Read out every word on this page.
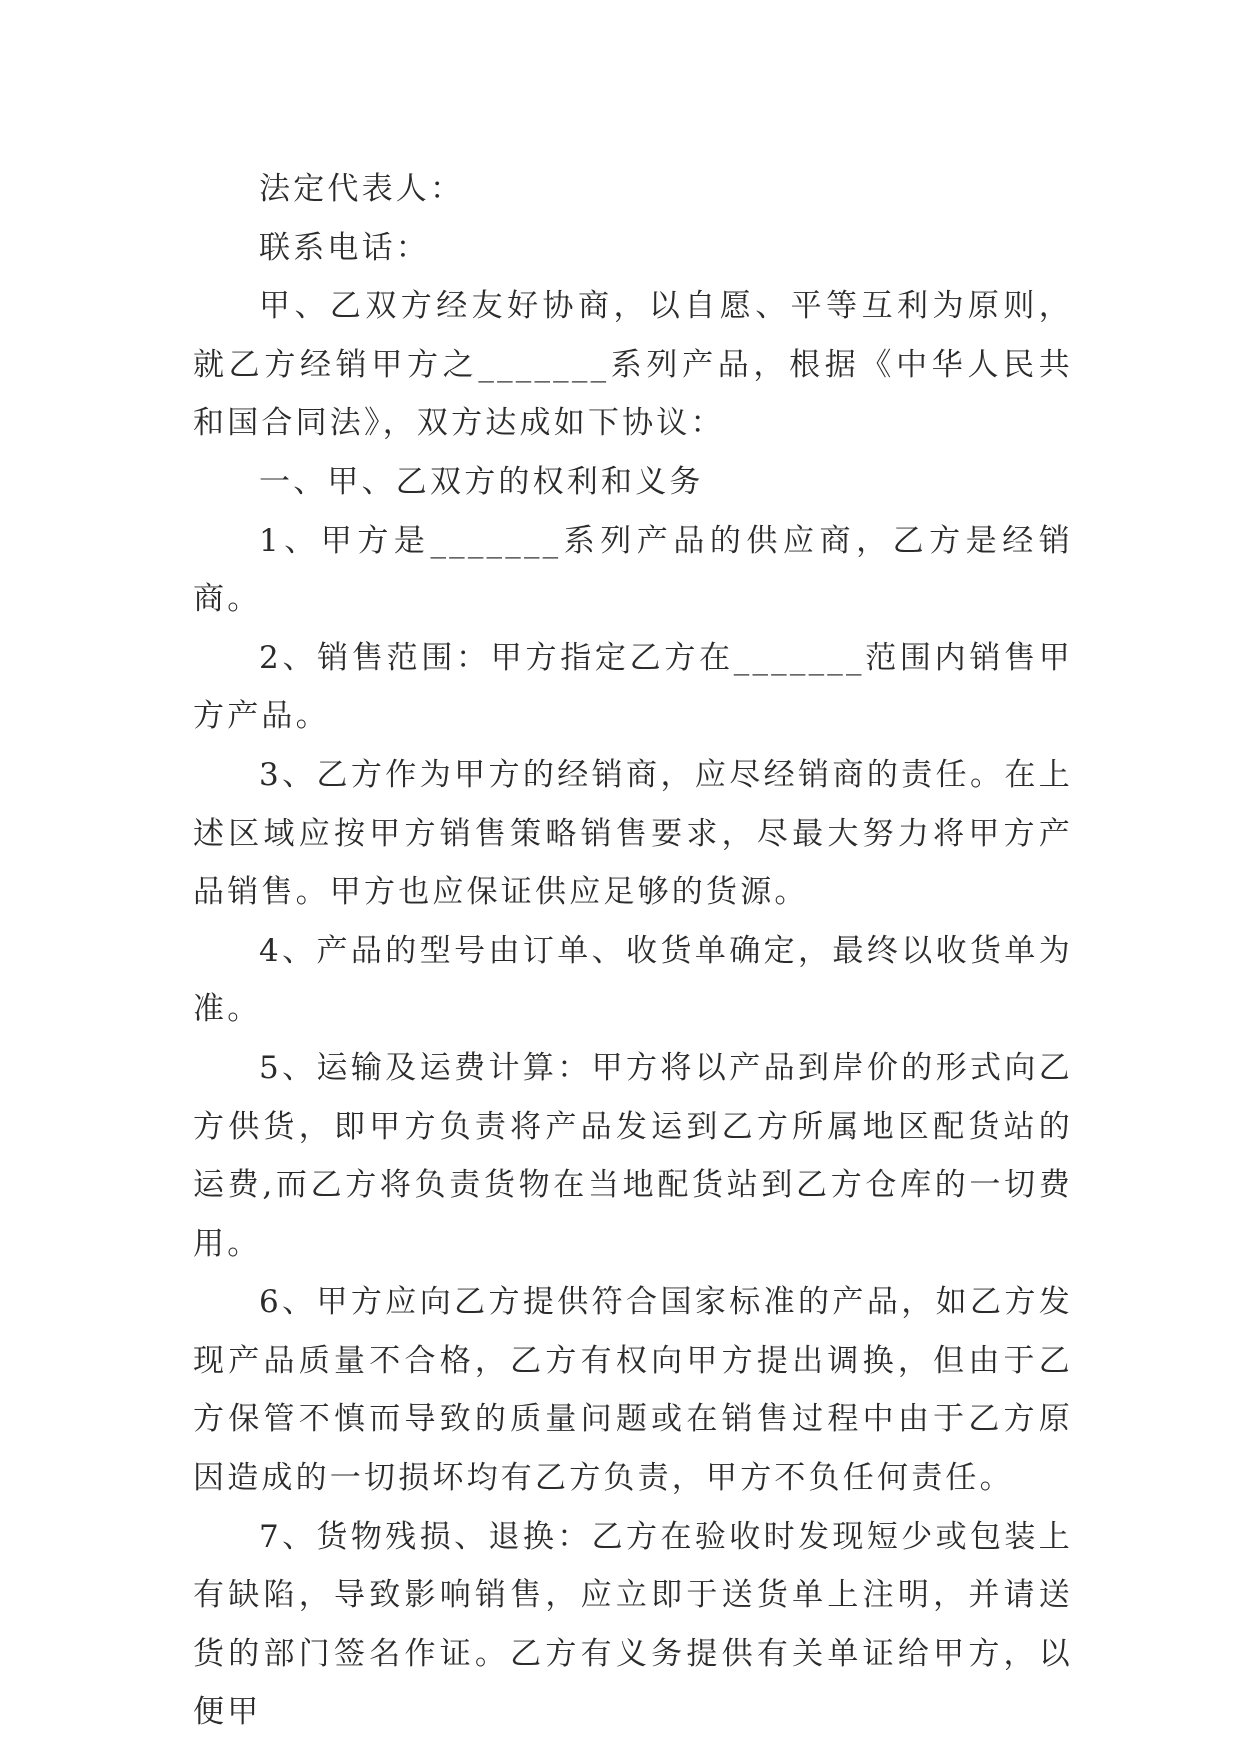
法定代表人：

联系电话：

甲、乙双方经友好协商，以自愿、平等互利为原则，就乙方经销甲方之_______系列产品，根据《中华人民共和国合同法》，双方达成如下协议：

一、甲、乙双方的权利和义务

1、甲方是_______系列产品的供应商，乙方是经销商。

2、销售范围：甲方指定乙方在_______范围内销售甲方产品。

3、乙方作为甲方的经销商，应尽经销商的责任。在上述区域应按甲方销售策略销售要求，尽最大努力将甲方产品销售。甲方也应保证供应足够的货源。

4、产品的型号由订单、收货单确定，最终以收货单为准。

5、运输及运费计算：甲方将以产品到岸价的形式向乙方供货，即甲方负责将产品发运到乙方所属地区配货站的运费,而乙方将负责货物在当地配货站到乙方仓库的一切费用。

6、甲方应向乙方提供符合国家标准的产品，如乙方发现产品质量不合格，乙方有权向甲方提出调换，但由于乙方保管不慎而导致的质量问题或在销售过程中由于乙方原因造成的一切损坏均有乙方负责，甲方不负任何责任。

7、货物残损、退换：乙方在验收时发现短少或包装上有缺陷，导致影响销售，应立即于送货单上注明，并请送货的部门签名作证。乙方有义务提供有关单证给甲方，以便甲
